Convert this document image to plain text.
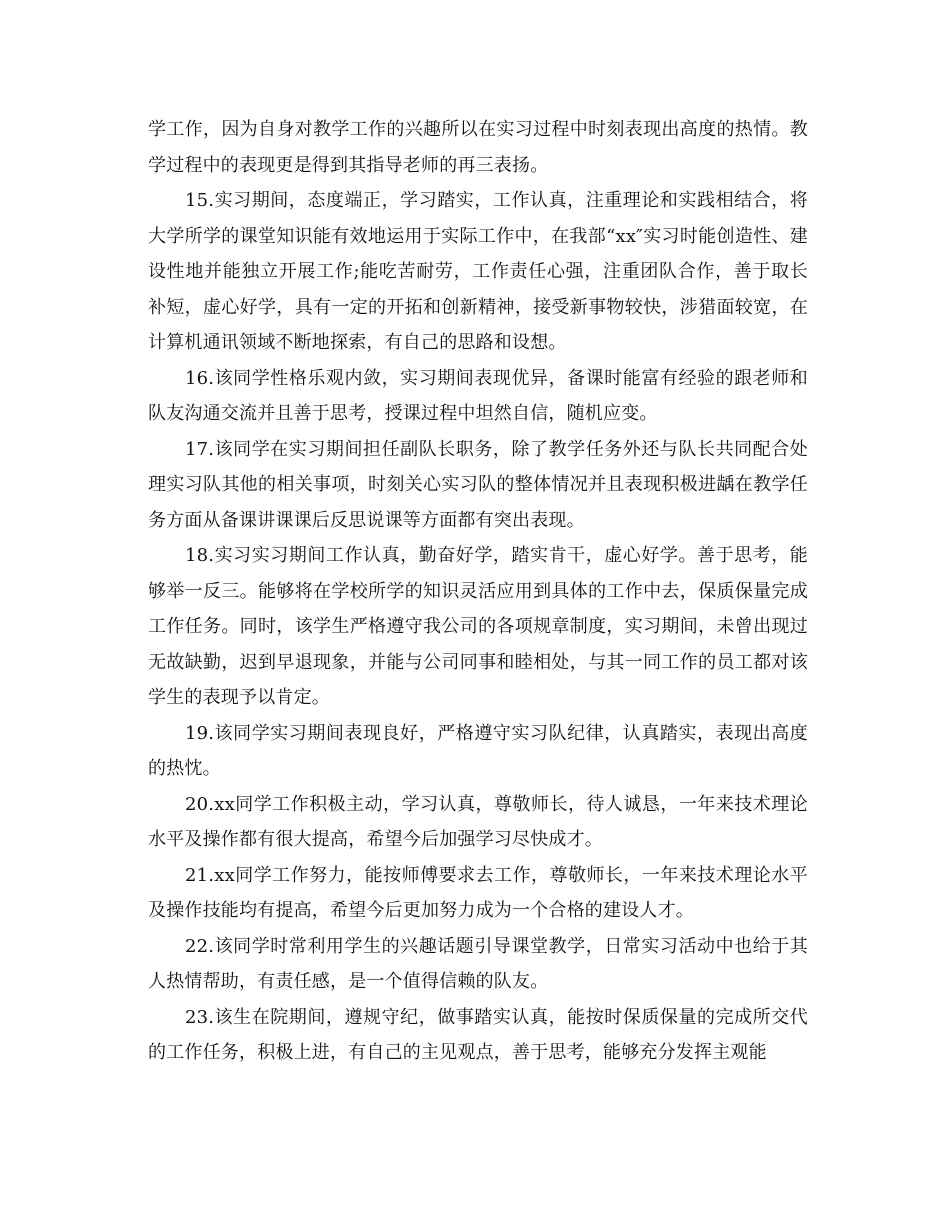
学工作，因为自身对教学工作的兴趣所以在实习过程中时刻表现出高度的热情。教学过程中的表现更是得到其指导老师的再三表扬。

15.实习期间，态度端正，学习踏实，工作认真，注重理论和实践相结合，将大学所学的课堂知识能有效地运用于实际工作中，在我部“xx″实习时能创造性、建设性地并能独立开展工作;能吃苦耐劳，工作责任心强，注重团队合作，善于取长补短，虚心好学，具有一定的开拓和创新精神，接受新事物较快，涉猎面较宽，在计算机通讯领域不断地探索，有自己的思路和设想。

16.该同学性格乐观内敛，实习期间表现优异，备课时能富有经验的跟老师和队友沟通交流并且善于思考，授课过程中坦然自信，随机应变。

17.该同学在实习期间担任副队长职务，除了教学任务外还与队长共同配合处理实习队其他的相关事项，时刻关心实习队的整体情况并且表现积极进龋在教学任务方面从备课讲课课后反思说课等方面都有突出表现。

18.实习实习期间工作认真，勤奋好学，踏实肯干，虚心好学。善于思考，能够举一反三。能够将在学校所学的知识灵活应用到具体的工作中去，保质保量完成工作任务。同时，该学生严格遵守我公司的各项规章制度，实习期间，未曾出现过无故缺勤，迟到早退现象，并能与公司同事和睦相处，与其一同工作的员工都对该学生的表现予以肯定。

19.该同学实习期间表现良好，严格遵守实习队纪律，认真踏实，表现出高度的热忱。

20.xx同学工作积极主动，学习认真，尊敬师长，待人诚恳，一年来技术理论水平及操作都有很大提高，希望今后加强学习尽快成才。

21.xx同学工作努力，能按师傅要求去工作，尊敬师长，一年来技术理论水平及操作技能均有提高，希望今后更加努力成为一个合格的建设人才。

22.该同学时常利用学生的兴趣话题引导课堂教学，日常实习活动中也给于其人热情帮助，有责任感，是一个值得信赖的队友。

23.该生在院期间，遵规守纪，做事踏实认真，能按时保质保量的完成所交代的工作任务，积极上进，有自己的主见观点，善于思考，能够充分发挥主观能
